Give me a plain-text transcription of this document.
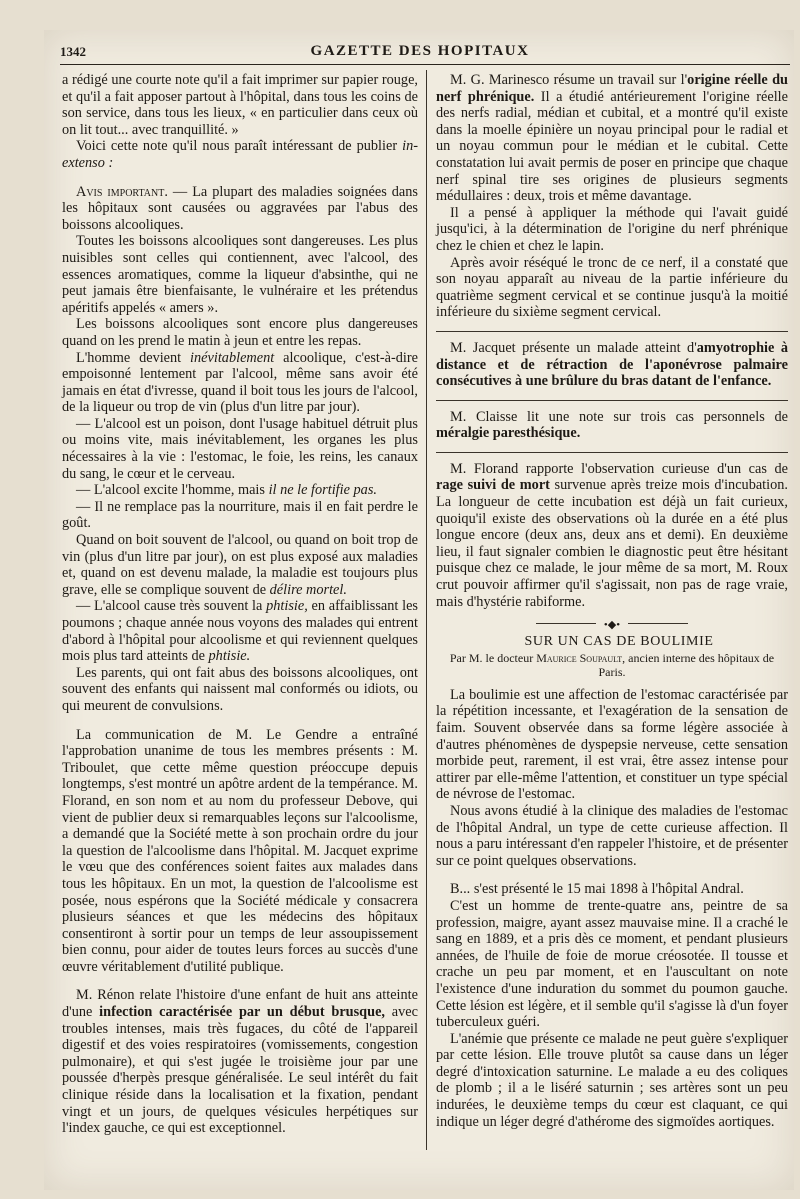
1342	GAZETTE DES HOPITAUX

a rédigé une courte note qu'il a fait imprimer sur papier rouge, et qu'il a fait apposer partout à l'hôpital, dans tous les coins de son service, dans tous les lieux, « en particulier dans ceux où on lit tout... avec tranquillité. »

Voici cette note qu'il nous paraît intéressant de publier in-extenso :

Avis important. — La plupart des maladies soignées dans les hôpitaux sont causées ou aggravées par l'abus des boissons alcooliques.

Toutes les boissons alcooliques sont dangereuses. Les plus nuisibles sont celles qui contiennent, avec l'alcool, des essences aromatiques, comme la liqueur d'absinthe, qui ne peut jamais être bienfaisante, le vulnéraire et les prétendus apéritifs appelés « amers ».

Les boissons alcooliques sont encore plus dangereuses quand on les prend le matin à jeun et entre les repas.

L'homme devient inévitablement alcoolique, c'est-à-dire empoisonné lentement par l'alcool, même sans avoir été jamais en état d'ivresse, quand il boit tous les jours de l'alcool, de la liqueur ou trop de vin (plus d'un litre par jour).

— L'alcool est un poison, dont l'usage habituel détruit plus ou moins vite, mais inévitablement, les organes les plus nécessaires à la vie : l'estomac, le foie, les reins, les canaux du sang, le cœur et le cerveau.

— L'alcool excite l'homme, mais il ne le fortifie pas.

— Il ne remplace pas la nourriture, mais il en fait perdre le goût.

Quand on boit souvent de l'alcool, ou quand on boit trop de vin (plus d'un litre par jour), on est plus exposé aux maladies et, quand on est devenu malade, la maladie est toujours plus grave, elle se complique souvent de délire mortel.

— L'alcool cause très souvent la phtisie, en affaiblissant les poumons ; chaque année nous voyons des malades qui entrent d'abord à l'hôpital pour alcoolisme et qui reviennent quelques mois plus tard atteints de phtisie.

Les parents, qui ont fait abus des boissons alcooliques, ont souvent des enfants qui naissent mal conformés ou idiots, ou qui meurent de convulsions.

La communication de M. Le Gendre a entraîné l'approbation unanime de tous les membres présents : M. Triboulet, que cette même question préoccupe depuis longtemps, s'est montré un apôtre ardent de la tempérance. M. Florand, en son nom et au nom du professeur Debove, qui vient de publier deux si remarquables leçons sur l'alcoolisme, a demandé que la Société mette à son prochain ordre du jour la question de l'alcoolisme dans l'hôpital. M. Jacquet exprime le vœu que des conférences soient faites aux malades dans tous les hôpitaux. En un mot, la question de l'alcoolisme est posée, nous espérons que la Société médicale y consacrera plusieurs séances et que les médecins des hôpitaux consentiront à sortir pour un temps de leur assoupissement bien connu, pour aider de toutes leurs forces au succès d'une œuvre véritablement d'utilité publique.

M. Rénon relate l'histoire d'une enfant de huit ans atteinte d'une infection caractérisée par un début brusque, avec troubles intenses, mais très fugaces, du côté de l'appareil digestif et des voies respiratoires (vomissements, congestion pulmonaire), et qui s'est jugée le troisième jour par une poussée d'herpès presque généralisée. Le seul intérêt du fait clinique réside dans la localisation et la fixation, pendant vingt et un jours, de quelques vésicules herpétiques sur l'index gauche, ce qui est exceptionnel.

M. G. Marinesco résume un travail sur l'origine réelle du nerf phrénique. Il a étudié antérieurement l'origine réelle des nerfs radial, médian et cubital, et a montré qu'il existe dans la moelle épinière un noyau principal pour le radial et un noyau commun pour le médian et le cubital. Cette constatation lui avait permis de poser en principe que chaque nerf spinal tire ses origines de plusieurs segments médullaires : deux, trois et même davantage.

Il a pensé à appliquer la méthode qui l'avait guidé jusqu'ici, à la détermination de l'origine du nerf phrénique chez le chien et chez le lapin.

Après avoir réséqué le tronc de ce nerf, il a constaté que son noyau apparaît au niveau de la partie inférieure du quatrième segment cervical et se continue jusqu'à la moitié inférieure du sixième segment cervical.

M. Jacquet présente un malade atteint d'amyotrophie à distance et de rétraction de l'aponévrose palmaire consécutives à une brûlure du bras datant de l'enfance.

M. Claisse lit une note sur trois cas personnels de méralgie paresthésique.

M. Florand rapporte l'observation curieuse d'un cas de rage suivi de mort survenue après treize mois d'incubation. La longueur de cette incubation est déjà un fait curieux, quoiqu'il existe des observations où la durée en a été plus longue encore (deux ans, deux ans et demi). En deuxième lieu, il faut signaler combien le diagnostic peut être hésitant puisque chez ce malade, le jour même de sa mort, M. Roux crut pouvoir affirmer qu'il s'agissait, non pas de rage vraie, mais d'hystérie rabiforme.

•◆•

SUR UN CAS DE BOULIMIE

Par M. le docteur Maurice Soupault, ancien interne des hôpitaux de Paris.

La boulimie est une affection de l'estomac caractérisée par la répétition incessante, et l'exagération de la sensation de faim. Souvent observée dans sa forme légère associée à d'autres phénomènes de dyspepsie nerveuse, cette sensation morbide peut, rarement, il est vrai, être assez intense pour attirer par elle-même l'attention, et constituer un type spécial de névrose de l'estomac.

Nous avons étudié à la clinique des maladies de l'estomac de l'hôpital Andral, un type de cette curieuse affection. Il nous a paru intéressant d'en rappeler l'histoire, et de présenter sur ce point quelques observations.

B... s'est présenté le 15 mai 1898 à l'hôpital Andral.

C'est un homme de trente-quatre ans, peintre de sa profession, maigre, ayant assez mauvaise mine. Il a craché le sang en 1889, et a pris dès ce moment, et pendant plusieurs années, de l'huile de foie de morue créosotée. Il tousse et crache un peu par moment, et en l'auscultant on note l'existence d'une induration du sommet du poumon gauche. Cette lésion est légère, et il semble qu'il s'agisse là d'un foyer tuberculeux guéri.

L'anémie que présente ce malade ne peut guère s'expliquer par cette lésion. Elle trouve plutôt sa cause dans un léger degré d'intoxication saturnine. Le malade a eu des coliques de plomb ; il a le liséré saturnin ; ses artères sont un peu indurées, le deuxième temps du cœur est claquant, ce qui indique un léger degré d'athérome des sigmoïdes aortiques.
